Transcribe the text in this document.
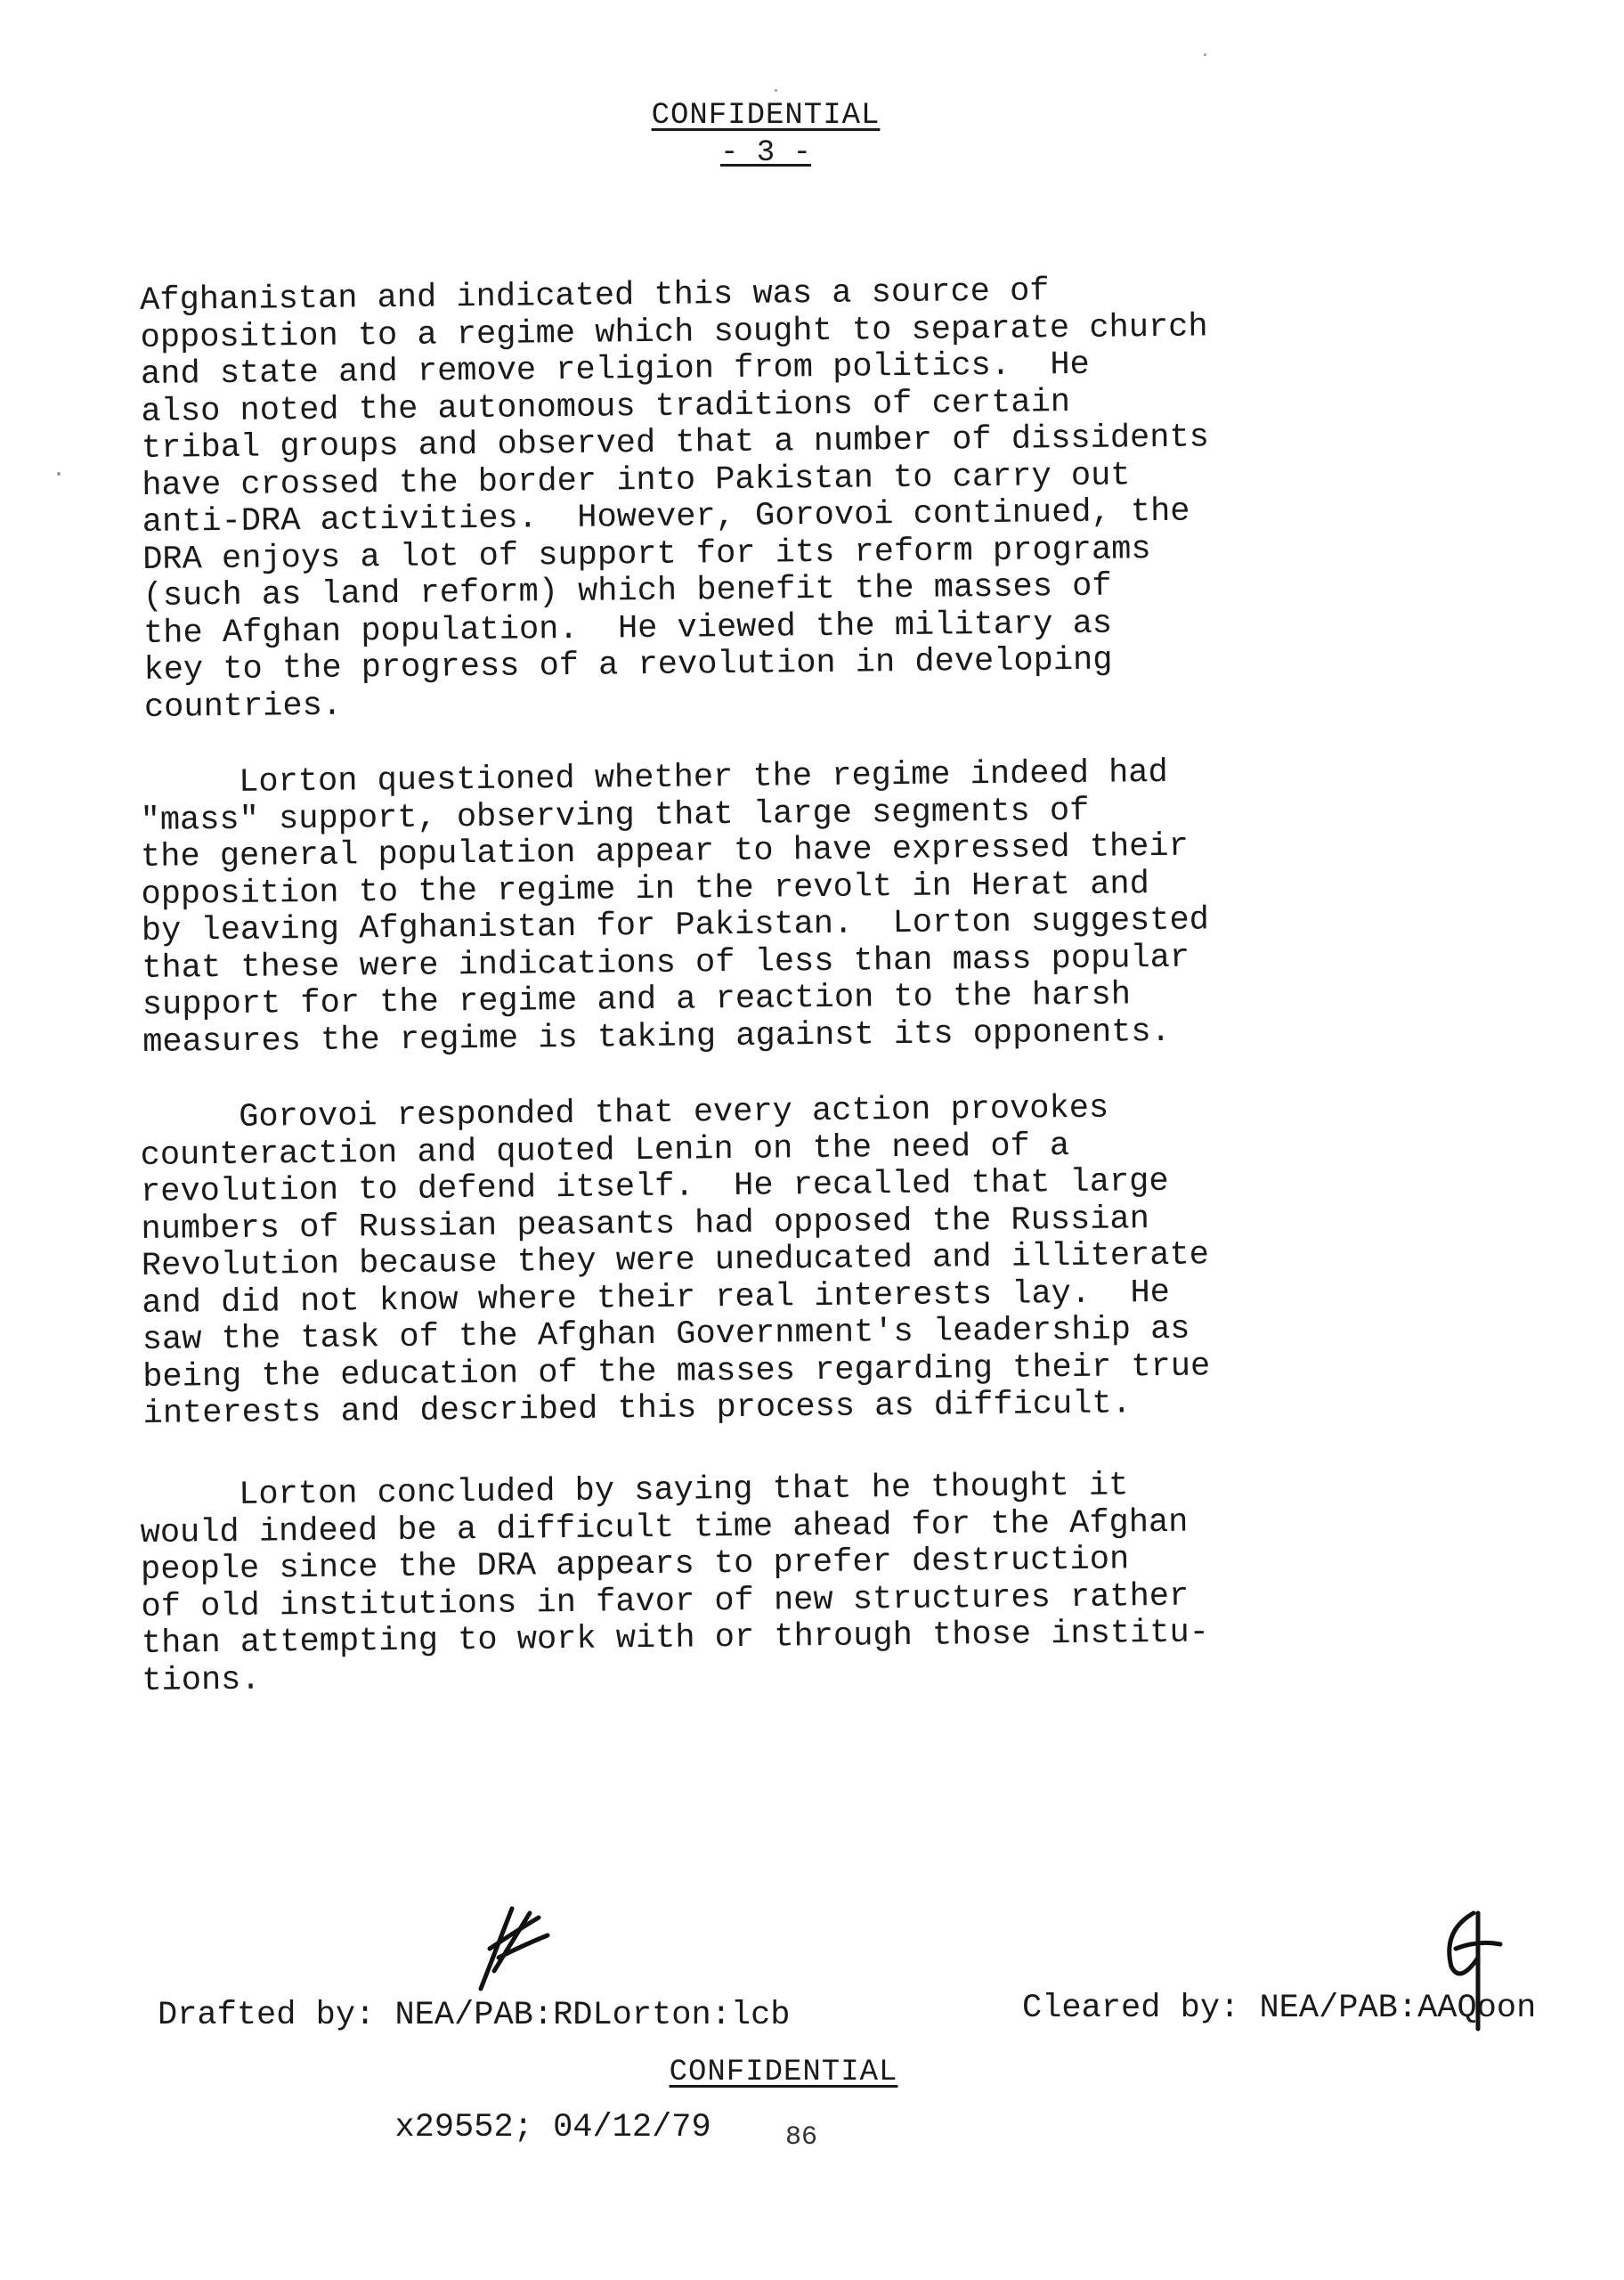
CONFIDENTIAL
- 3 -
Afghanistan and indicated this was a source of
opposition to a regime which sought to separate church
and state and remove religion from politics.  He
also noted the autonomous traditions of certain
tribal groups and observed that a number of dissidents
have crossed the border into Pakistan to carry out
anti-DRA activities.  However, Gorovoi continued, the
DRA enjoys a lot of support for its reform programs
(such as land reform) which benefit the masses of
the Afghan population.  He viewed the military as
key to the progress of a revolution in developing
countries.
Lorton questioned whether the regime indeed had
"mass" support, observing that large segments of
the general population appear to have expressed their
opposition to the regime in the revolt in Herat and
by leaving Afghanistan for Pakistan.  Lorton suggested
that these were indications of less than mass popular
support for the regime and a reaction to the harsh
measures the regime is taking against its opponents.
Gorovoi responded that every action provokes
counteraction and quoted Lenin on the need of a
revolution to defend itself.  He recalled that large
numbers of Russian peasants had opposed the Russian
Revolution because they were uneducated and illiterate
and did not know where their real interests lay.  He
saw the task of the Afghan Government's leadership as
being the education of the masses regarding their true
interests and described this process as difficult.
Lorton concluded by saying that he thought it
would indeed be a difficult time ahead for the Afghan
people since the DRA appears to prefer destruction
of old institutions in favor of new structures rather
than attempting to work with or through those institu-
tions.

Drafted by: NEA/PAB:RDLorton:lcb

x29552; 04/12/79

Cleared by: NEA/PAB:AAQoon

CONFIDENTIAL
86
